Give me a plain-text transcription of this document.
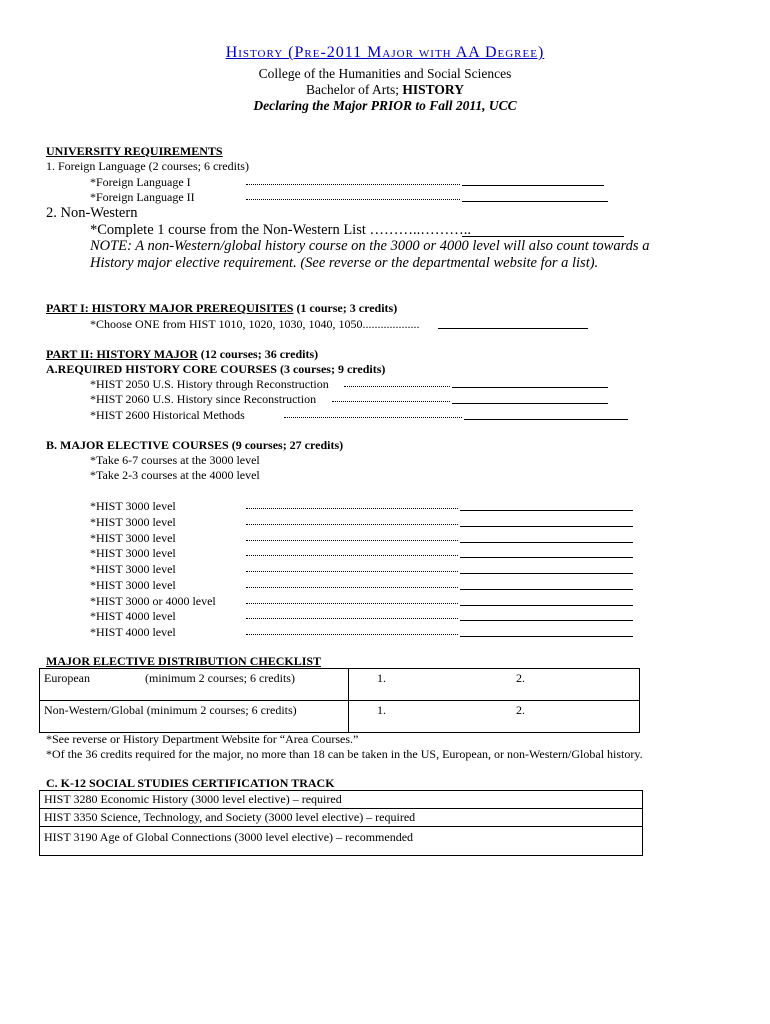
History (Pre-2011 Major with AA Degree)
College of the Humanities and Social Sciences
Bachelor of Arts; HISTORY
Declaring the Major PRIOR to Fall 2011, UCC
UNIVERSITY REQUIREMENTS
1. Foreign Language (2 courses; 6 credits)
*Foreign Language I
*Foreign Language II
2. Non-Western
*Complete 1 course from the Non-Western List ………..………..
NOTE: A non-Western/global history course on the 3000 or 4000 level will also count towards a
History major elective requirement. (See reverse or the departmental website for a list).
PART I: HISTORY MAJOR PREREQUISITES (1 course; 3 credits)
*Choose ONE from HIST 1010, 1020, 1030, 1040, 1050...................
PART II: HISTORY MAJOR (12 courses; 36 credits)
A.REQUIRED HISTORY CORE COURSES (3 courses; 9 credits)
*HIST 2050 U.S. History through Reconstruction
*HIST 2060 U.S. History since Reconstruction
*HIST 2600 Historical Methods
B. MAJOR ELECTIVE COURSES (9 courses; 27 credits)
*Take 6-7 courses at the 3000 level
*Take 2-3 courses at the 4000 level
*HIST 3000 level
*HIST 3000 level
*HIST 3000 level
*HIST 3000 level
*HIST 3000 level
*HIST 3000 level
*HIST 3000 or 4000 level
*HIST 4000 level
*HIST 4000 level
MAJOR ELECTIVE DISTRIBUTION CHECKLIST
European (minimum 2 courses; 6 credits)	1. 2.

Non-Western/Global (minimum 2 courses; 6 credits)	1. 2.
*See reverse or History Department Website for “Area Courses.”
*Of the 36 credits required for the major, no more than 18 can be taken in the US, European, or non-Western/Global history.
C. K-12 SOCIAL STUDIES CERTIFICATION TRACK
HIST 3280 Economic History (3000 level elective) – required
HIST 3350 Science, Technology, and Society (3000 level elective) – required
HIST 3190 Age of Global Connections (3000 level elective) – recommended
